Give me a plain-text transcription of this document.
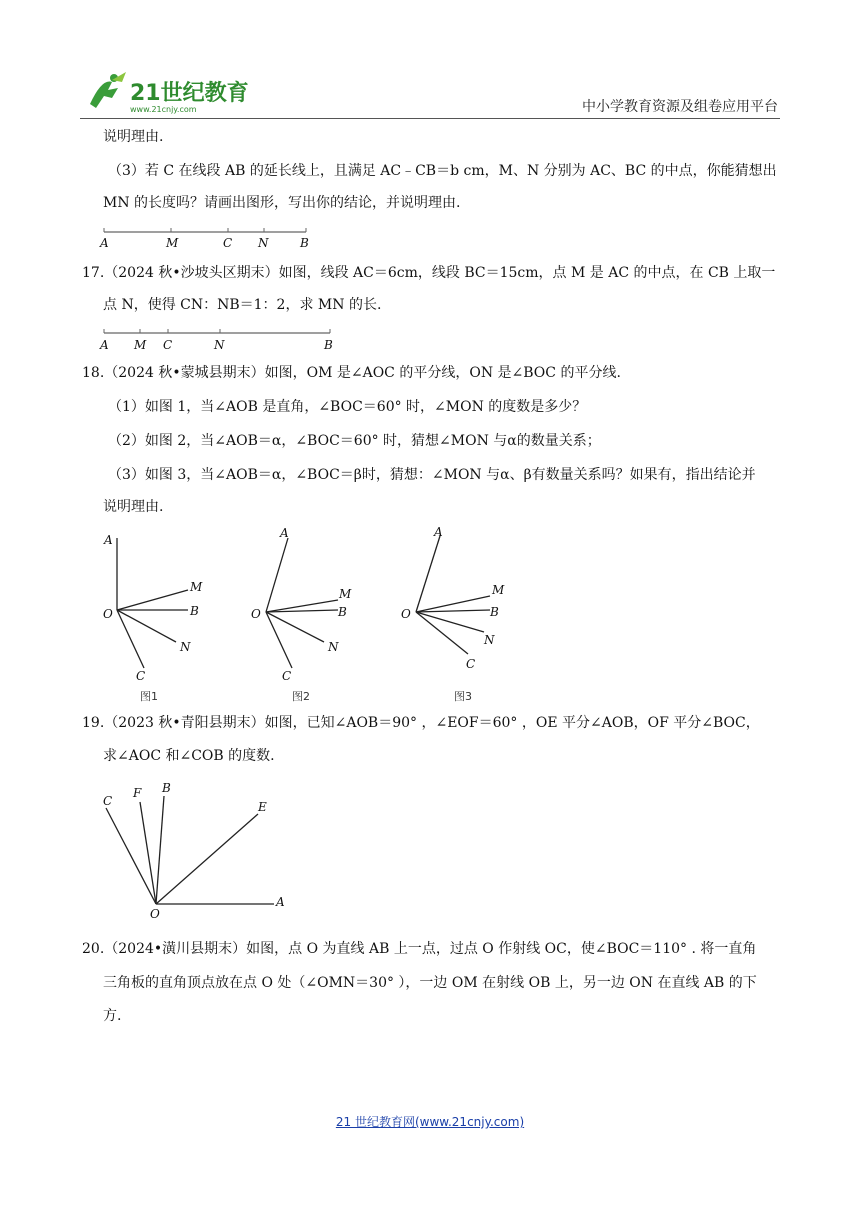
21世纪教育
www.21cnjy.com	中小学教育资源及组卷应用平台
说明理由.
（3）若 C 在线段 AB 的延长线上，且满足 AC﹣CB＝b cm，M、N 分别为 AC、BC 的中点，你能猜想出
MN 的长度吗？请画出图形，写出你的结论，并说明理由.
A	M	C N	B
17.（2024 秋•沙坡头区期末）如图，线段 AC＝6cm，线段 BC＝15cm，点 M 是 AC 的中点，在 CB 上取一
点 N，使得 CN：NB＝1：2，求 MN 的长.
A M C	N	B
18.（2024 秋•蒙城县期末）如图，OM 是∠AOC 的平分线，ON 是∠BOC 的平分线.
（1）如图 1，当∠AOB 是直角，∠BOC＝60° 时，∠MON 的度数是多少？
（2）如图 2，当∠AOB＝α，∠BOC＝60° 时，猜想∠MON 与α的数量关系；
（3）如图 3，当∠AOB＝α，∠BOC＝β时，猜想：∠MON 与α、β有数量关系吗？如果有，指出结论并
说明理由.
A
M
B
O
N
C
图1
A
M
B
O
N
C
图2
A
M
B
O
N
C
图3
19.（2023 秋•青阳县期末）如图，已知∠AOB＝90° ，∠EOF＝60° ，OE 平分∠AOB，OF 平分∠BOC，
求∠AOC 和∠COB 的度数.
C
F B
E
O
A
20.（2024•潢川县期末）如图，点 O 为直线 AB 上一点，过点 O 作射线 OC，使∠BOC＝110° . 将一直角
三角板的直角顶点放在点 O 处（∠OMN＝30° ），一边 OM 在射线 OB 上，另一边 ON 在直线 AB 的下
方.
21 世纪教育网(www.21cnjy.com)
